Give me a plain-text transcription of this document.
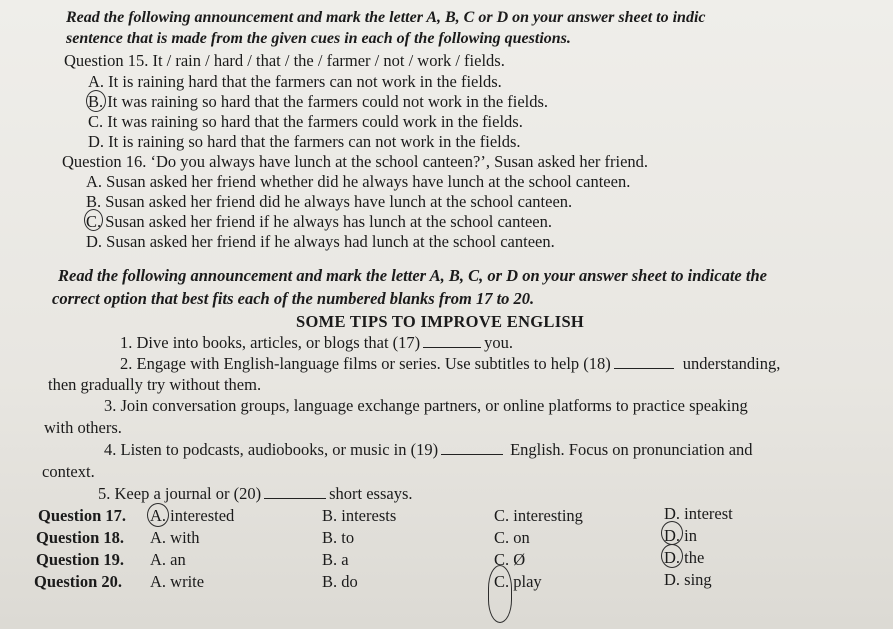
Read the following announcement and mark the letter A, B, C or D on your answer sheet to indic
sentence that is made from the given cues in each of the following questions.
Question 15. It / rain / hard / that / the / farmer / not / work / fields.
A. It is raining hard that the farmers can not work in the fields.
B. It was raining so hard that the farmers could not work in the fields.
C. It was raining so hard that the farmers could work in the fields.
D. It is raining so hard that the farmers can not work in the fields.
Question 16. ‘Do you always have lunch at the school canteen?’, Susan asked her friend.
A. Susan asked her friend whether did he always have lunch at the school canteen.
B. Susan asked her friend did he always have lunch at the school canteen.
C. Susan asked her friend if he always has lunch at the school canteen.
D. Susan asked her friend if he always had lunch at the school canteen.
Read the following announcement and mark the letter A, B, C, or D on your answer sheet to indicate the
correct option that best fits each of the numbered blanks from 17 to 20.
SOME TIPS TO IMPROVE ENGLISH
1. Dive into books, articles, or blogs that (17)	you.
2. Engage with English-language films or series. Use subtitles to help (18)	understanding,
then gradually try without them.
3. Join conversation groups, language exchange partners, or online platforms to practice speaking
with others.
4. Listen to podcasts, audiobooks, or music in (19)	English. Focus on pronunciation and
context.
5. Keep a journal or (20)	short essays.
Question 17. A. interested	B. interests	C. interesting	D. interest
Question 18. A. with	B. to	C. on	D. in
Question 19. A. an	B. a	C. Ø	D. the
Question 20. A. write	B. do	C. play	D. sing
